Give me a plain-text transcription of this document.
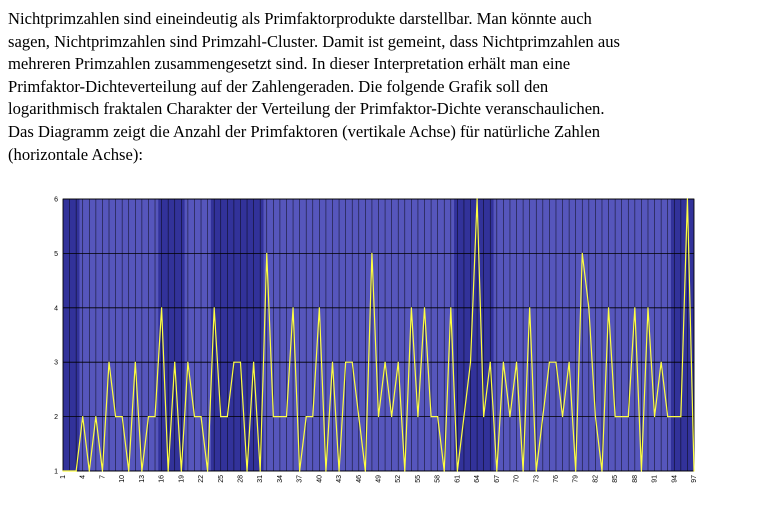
Nichtprimzahlen sind eineindeutig als Primfaktorprodukte darstellbar. Man könnte auch
sagen, Nichtprimzahlen sind Primzahl-Cluster. Damit ist gemeint, dass Nichtprimzahlen aus
mehreren Primzahlen zusammengesetzt sind. In dieser Interpretation erhält man eine
Primfaktor-Dichteverteilung auf der Zahlengeraden. Die folgende Grafik soll den
logarithmisch fraktalen Charakter der Verteilung der Primfaktor-Dichte veranschaulichen.
Das Diagramm zeigt die Anzahl der Primfaktoren (vertikale Achse) für natürliche Zahlen
(horizontale Achse):
1
2
3
4
5
6
1 4 7 10 13 16 19 22 25 28 31 34 37 40 43 46 49 52 55 58 61 64 67 70 73 76 79 82 85 88 91 94 97
